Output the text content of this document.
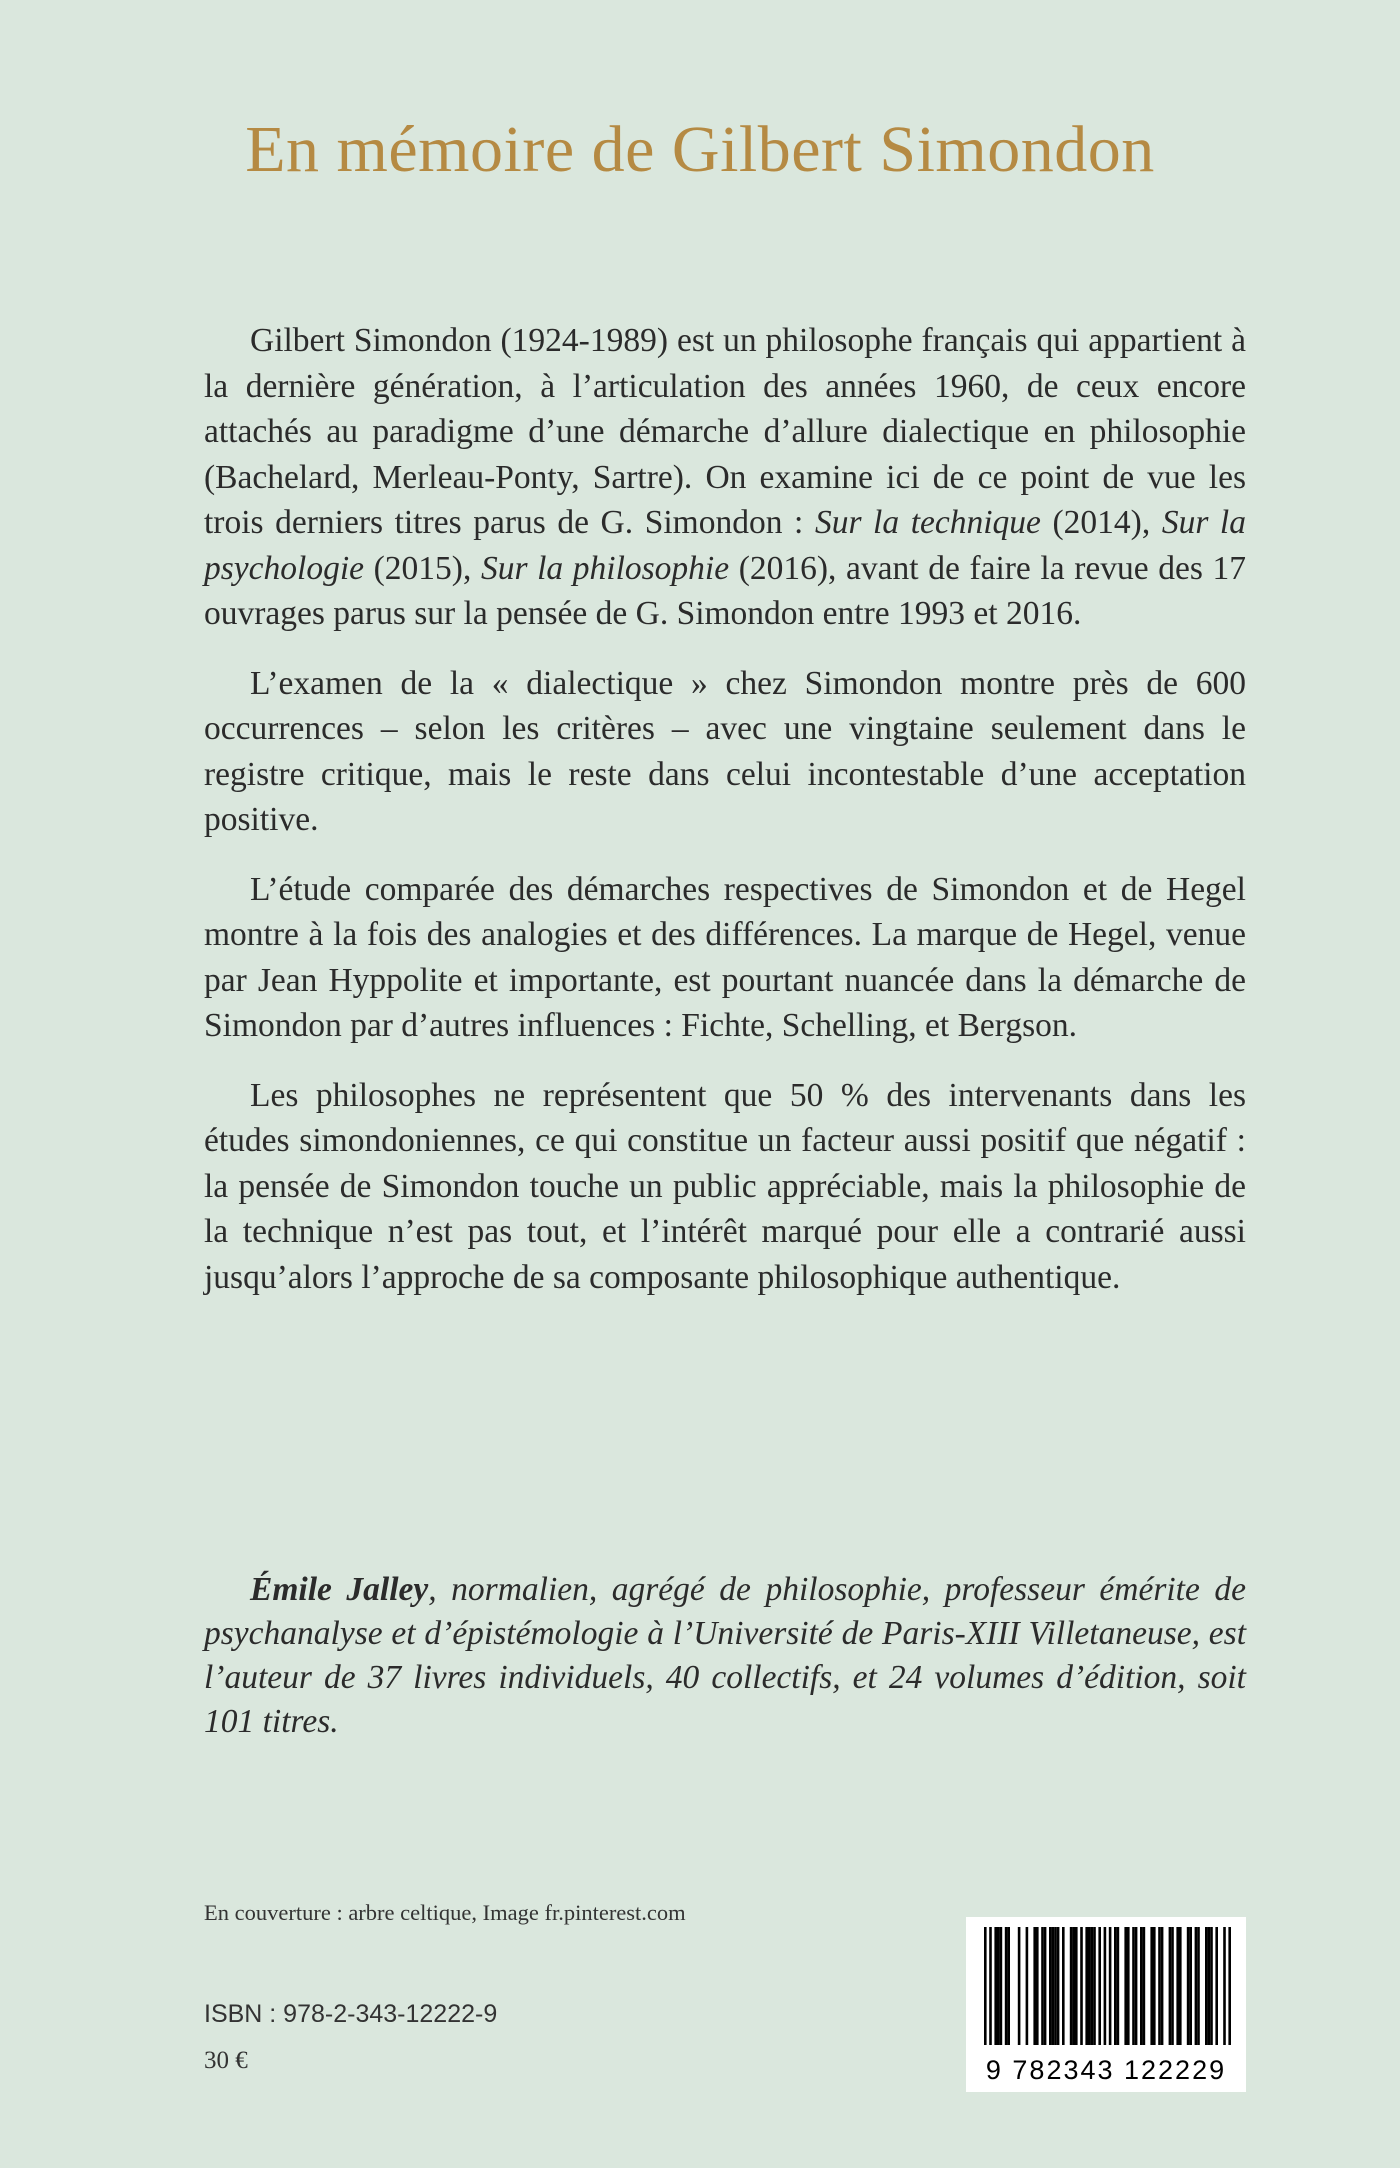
En mémoire de Gilbert Simondon

Gilbert Simondon (1924-1989) est un philosophe français qui appartient à la dernière génération, à l’articulation des années 1960, de ceux encore attachés au paradigme d’une démarche d’allure dialectique en philosophie (Bachelard, Merleau-Ponty, Sartre). On examine ici de ce point de vue les trois derniers titres parus de G. Simondon : Sur la technique (2014), Sur la psychologie (2015), Sur la philosophie (2016), avant de faire la revue des 17 ouvrages parus sur la pensée de G. Simondon entre 1993 et 2016.

L’examen de la « dialectique » chez Simondon montre près de 600 occurrences – selon les critères – avec une vingtaine seulement dans le registre critique, mais le reste dans celui incontestable d’une acceptation positive.

L’étude comparée des démarches respectives de Simondon et de Hegel montre à la fois des analogies et des différences. La marque de Hegel, venue par Jean Hyppolite et importante, est pourtant nuancée dans la démarche de Simondon par d’autres influences : Fichte, Schelling, et Bergson.

Les philosophes ne représentent que 50 % des intervenants dans les études simondoniennes, ce qui constitue un facteur aussi positif que négatif : la pensée de Simondon touche un public appréciable, mais la philosophie de la technique n’est pas tout, et l’intérêt marqué pour elle a contrarié aussi jusqu’alors l’approche de sa composante philosophique authentique.

Émile Jalley, normalien, agrégé de philosophie, professeur émérite de psychanalyse et d’épistémologie à l’Université de Paris-XIII Villetaneuse, est l’auteur de 37 livres individuels, 40 collectifs, et 24 volumes d’édition, soit 101 titres.

En couverture : arbre celtique, Image fr.pinterest.com
ISBN : 978-2-343-12222-9
30 €	9 782343 122229
